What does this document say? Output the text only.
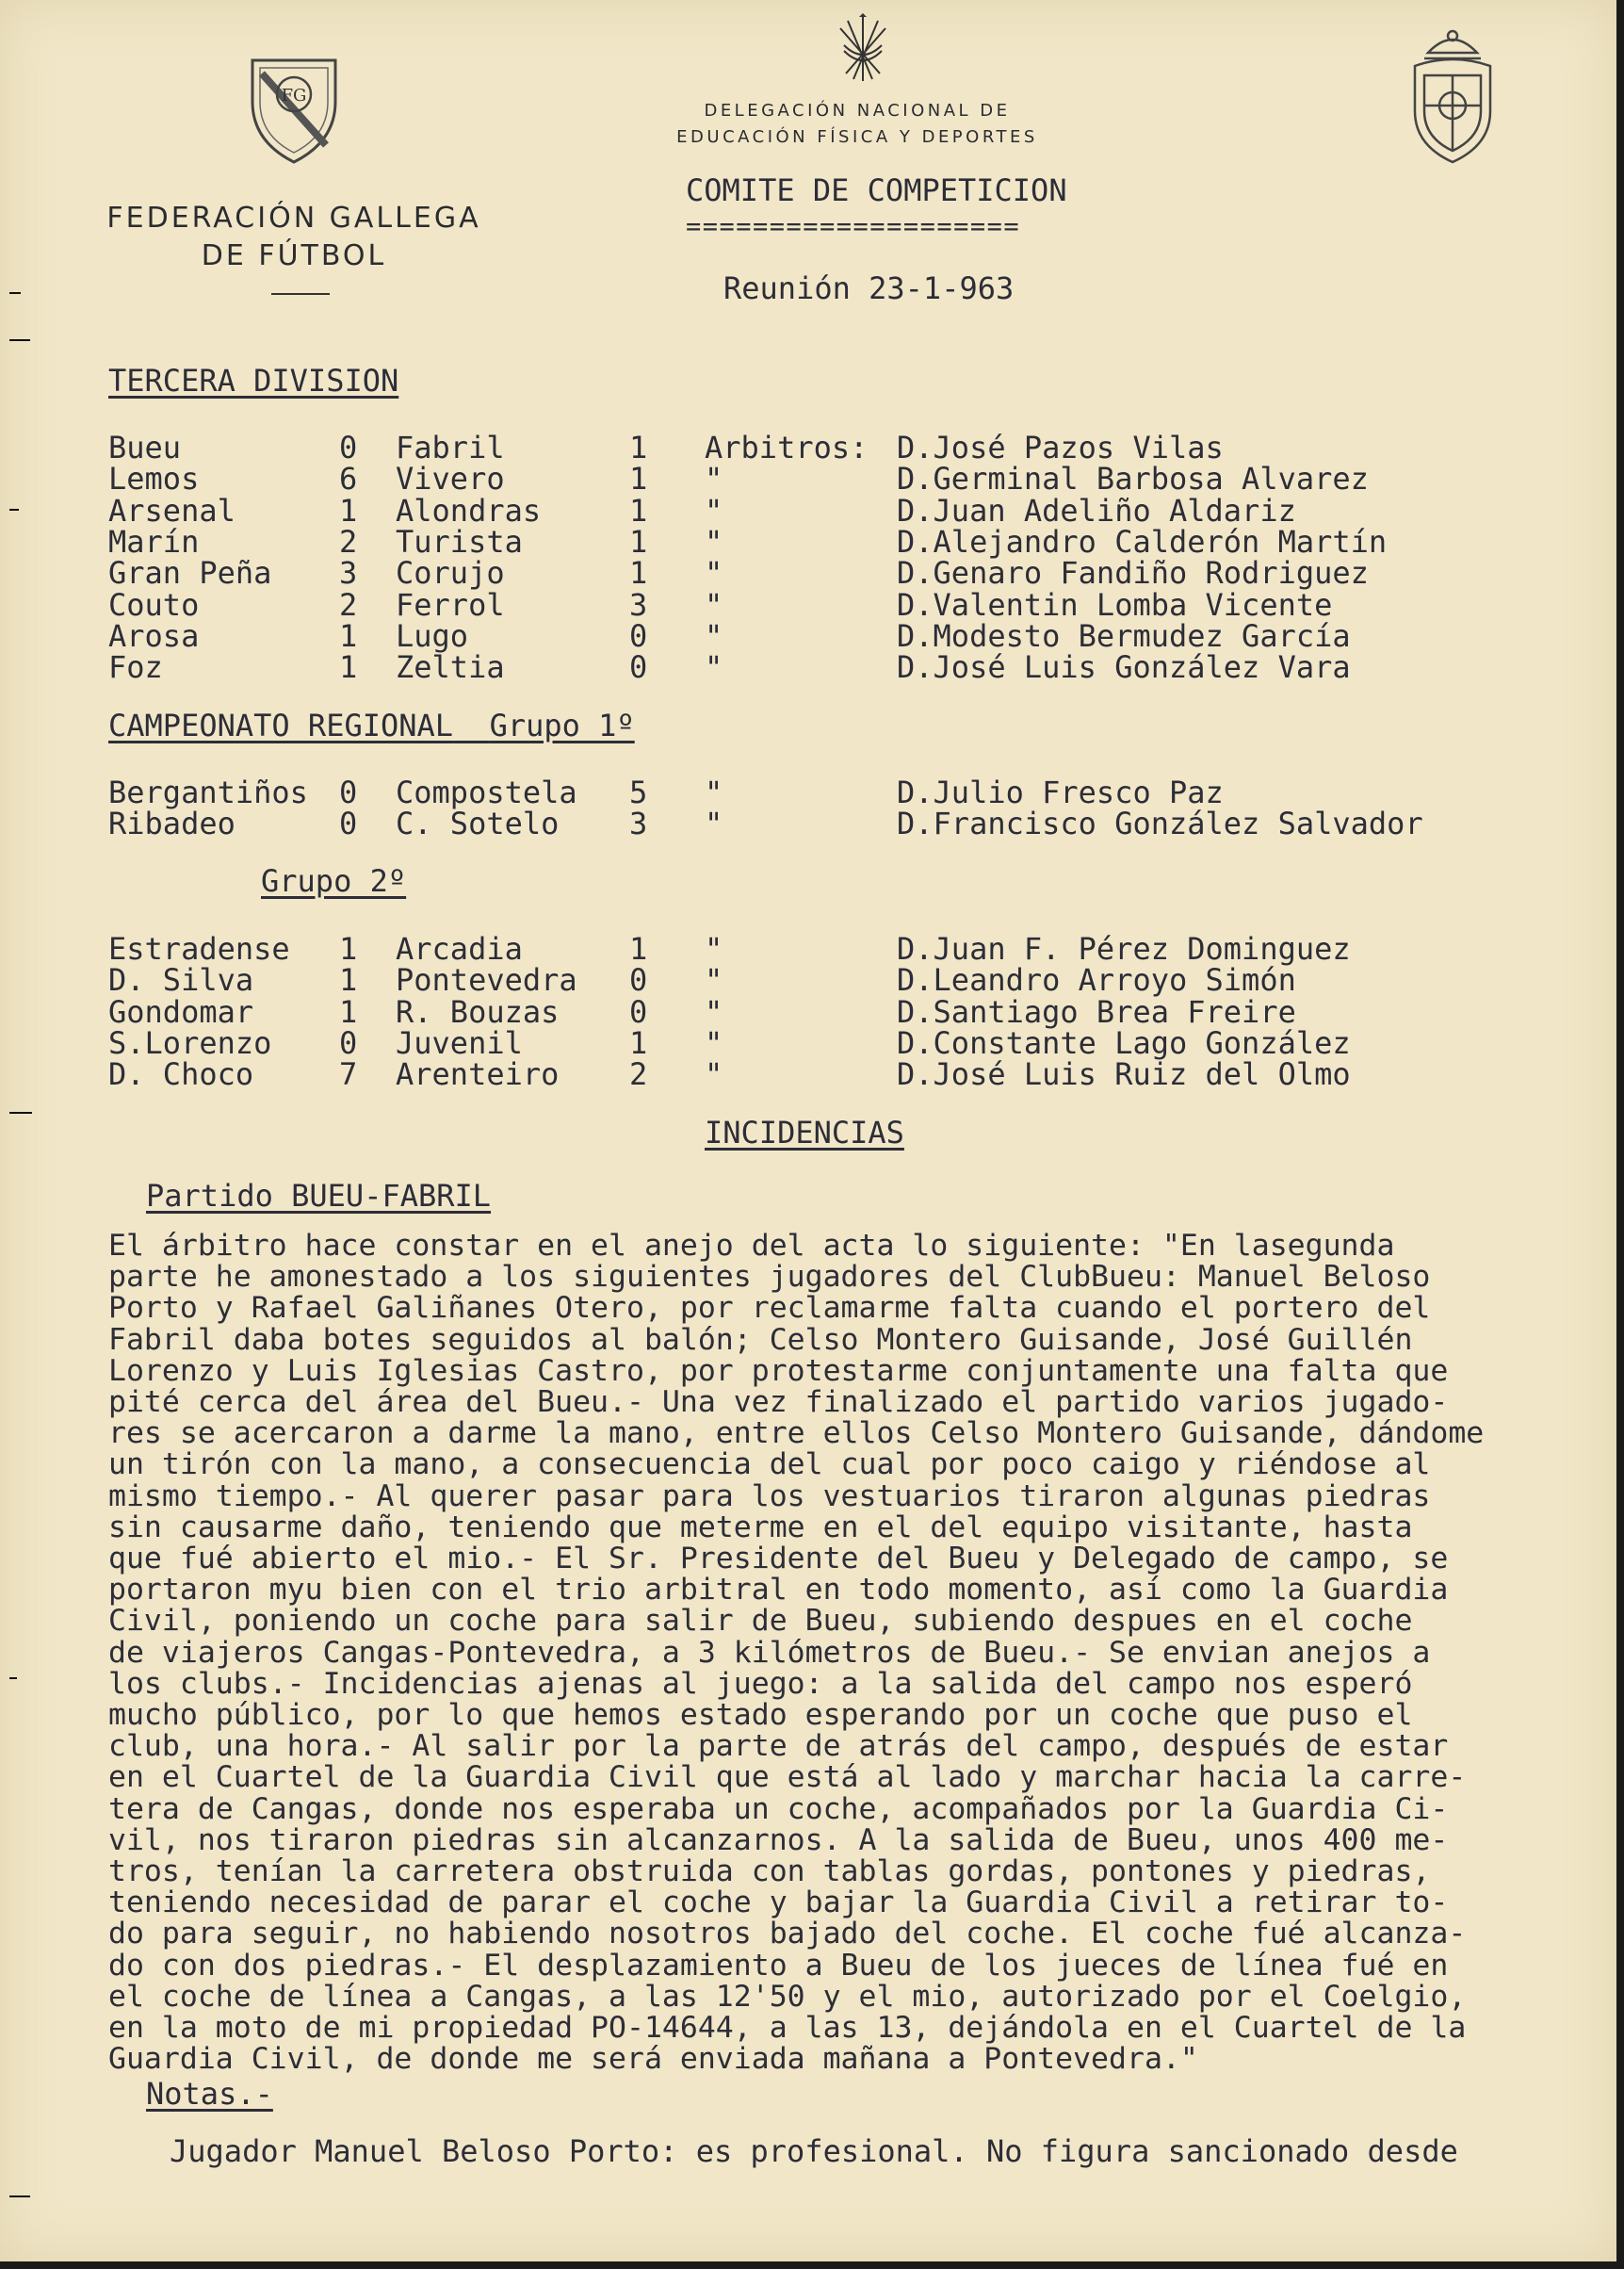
FG
FEDERACIÓN GALLEGA
DE FÚTBOL
DELEGACIÓN NACIONAL DE
EDUCACIÓN FÍSICA Y DEPORTES
COMITE DE COMPETICION
====================
Reunión 23-1-963
TERCERA DIVISION
Bueu	0 Fabril	1 Arbitros: D.José Pazos Vilas
Lemos	6 Vivero	1 "	D.Germinal Barbosa Alvarez
Arsenal	1 Alondras	1 "	D.Juan Adeliño Aldariz
Marín	2 Turista	1 "	D.Alejandro Calderón Martín
Gran Peña 3 Corujo	1 "	D.Genaro Fandiño Rodriguez
Couto	2 Ferrol	3 "	D.Valentin Lomba Vicente
Arosa	1 Lugo	0 "	D.Modesto Bermudez García
Foz	1 Zeltia	0 "	D.José Luis González Vara
CAMPEONATO REGIONAL Grupo 1º
Bergantiños 0 Compostela 5 "	D.Julio Fresco Paz
Ribadeo	0 C. Sotelo 3 "	D.Francisco González Salvador
Grupo 2º
Estradense 1 Arcadia	1 "	D.Juan F. Pérez Dominguez
D. Silva	1 Pontevedra 0 "	D.Leandro Arroyo Simón
Gondomar	1 R. Bouzas 0 "	D.Santiago Brea Freire
S.Lorenzo 0 Juvenil	1 "	D.Constante Lago González
D. Choco	7 Arenteiro 2 "	D.José Luis Ruiz del Olmo
INCIDENCIAS
Partido BUEU-FABRIL
El árbitro hace constar en el anejo del acta lo siguiente: "En lasegunda
parte he amonestado a los siguientes jugadores del ClubBueu: Manuel Beloso
Porto y Rafael Galiñanes Otero, por reclamarme falta cuando el portero del
Fabril daba botes seguidos al balón; Celso Montero Guisande, José Guillén
Lorenzo y Luis Iglesias Castro, por protestarme conjuntamente una falta que
pité cerca del área del Bueu.- Una vez finalizado el partido varios jugado-
res se acercaron a darme la mano, entre ellos Celso Montero Guisande, dándome
un tirón con la mano, a consecuencia del cual por poco caigo y riéndose al
mismo tiempo.- Al querer pasar para los vestuarios tiraron algunas piedras
sin causarme daño, teniendo que meterme en el del equipo visitante, hasta
que fué abierto el mio.- El Sr. Presidente del Bueu y Delegado de campo, se
portaron myu bien con el trio arbitral en todo momento, así como la Guardia
Civil, poniendo un coche para salir de Bueu, subiendo despues en el coche
de viajeros Cangas-Pontevedra, a 3 kilómetros de Bueu.- Se envian anejos a
los clubs.- Incidencias ajenas al juego: a la salida del campo nos esperó
mucho público, por lo que hemos estado esperando por un coche que puso el
club, una hora.- Al salir por la parte de atrás del campo, después de estar
en el Cuartel de la Guardia Civil que está al lado y marchar hacia la carre-
tera de Cangas, donde nos esperaba un coche, acompañados por la Guardia Ci-
vil, nos tiraron piedras sin alcanzarnos. A la salida de Bueu, unos 400 me-
tros, tenían la carretera obstruida con tablas gordas, pontones y piedras,
teniendo necesidad de parar el coche y bajar la Guardia Civil a retirar to-
do para seguir, no habiendo nosotros bajado del coche. El coche fué alcanza-
do con dos piedras.- El desplazamiento a Bueu de los jueces de línea fué en
el coche de línea a Cangas, a las 12'50 y el mio, autorizado por el Coelgio,
en la moto de mi propiedad PO-14644, a las 13, dejándola en el Cuartel de la
Guardia Civil, de donde me será enviada mañana a Pontevedra."
Notas.-
Jugador Manuel Beloso Porto: es profesional. No figura sancionado desde
